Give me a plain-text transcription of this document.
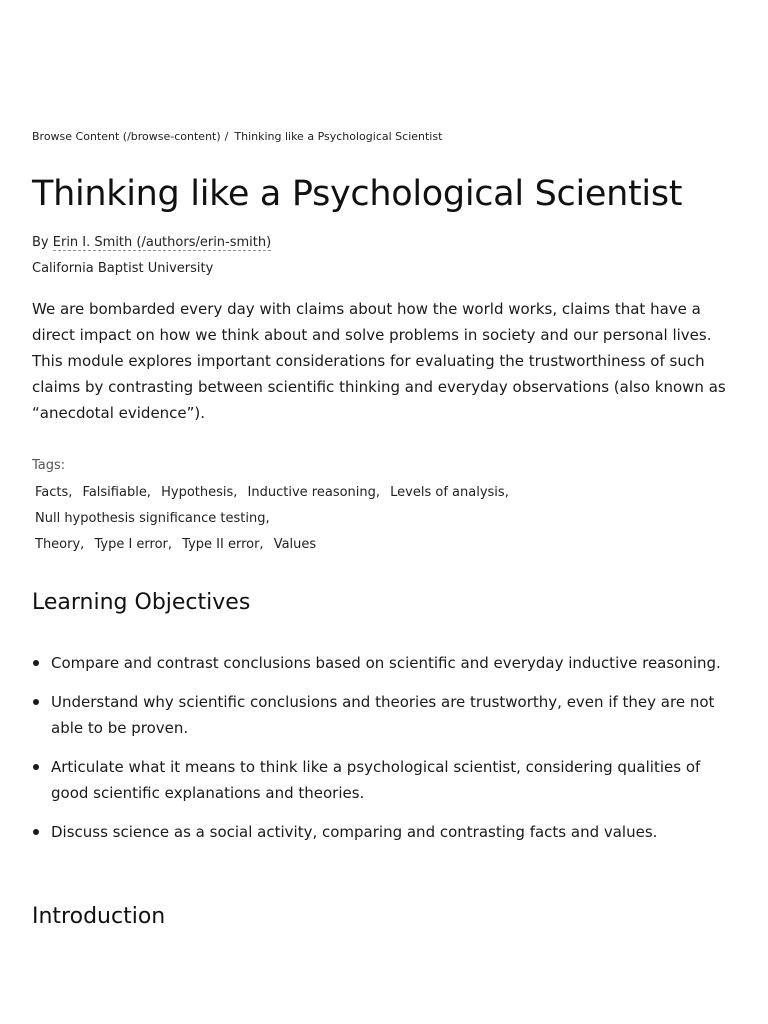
Browse Content (/browse-content) / Thinking like a Psychological Scientist
Thinking like a Psychological Scientist
By Erin I. Smith (/authors/erin-smith)
California Baptist University

We are bombarded every day with claims about how the world works, claims that have a direct impact on how we think about and solve problems in society and our personal lives. This module explores important considerations for evaluating the trustworthiness of such claims by contrasting between scientific thinking and everyday observations (also known as “anecdotal evidence”).

Tags:
Facts, Falsifiable, Hypothesis, Inductive reasoning, Levels of analysis, Null hypothesis significance testing,
Theory, Type I error, Type II error, Values
Learning Objectives
Compare and contrast conclusions based on scientific and everyday inductive reasoning.
Understand why scientific conclusions and theories are trustworthy, even if they are not able to be proven.
Articulate what it means to think like a psychological scientist, considering qualities of good scientific explanations and theories.
Discuss science as a social activity, comparing and contrasting facts and values.
Introduction
